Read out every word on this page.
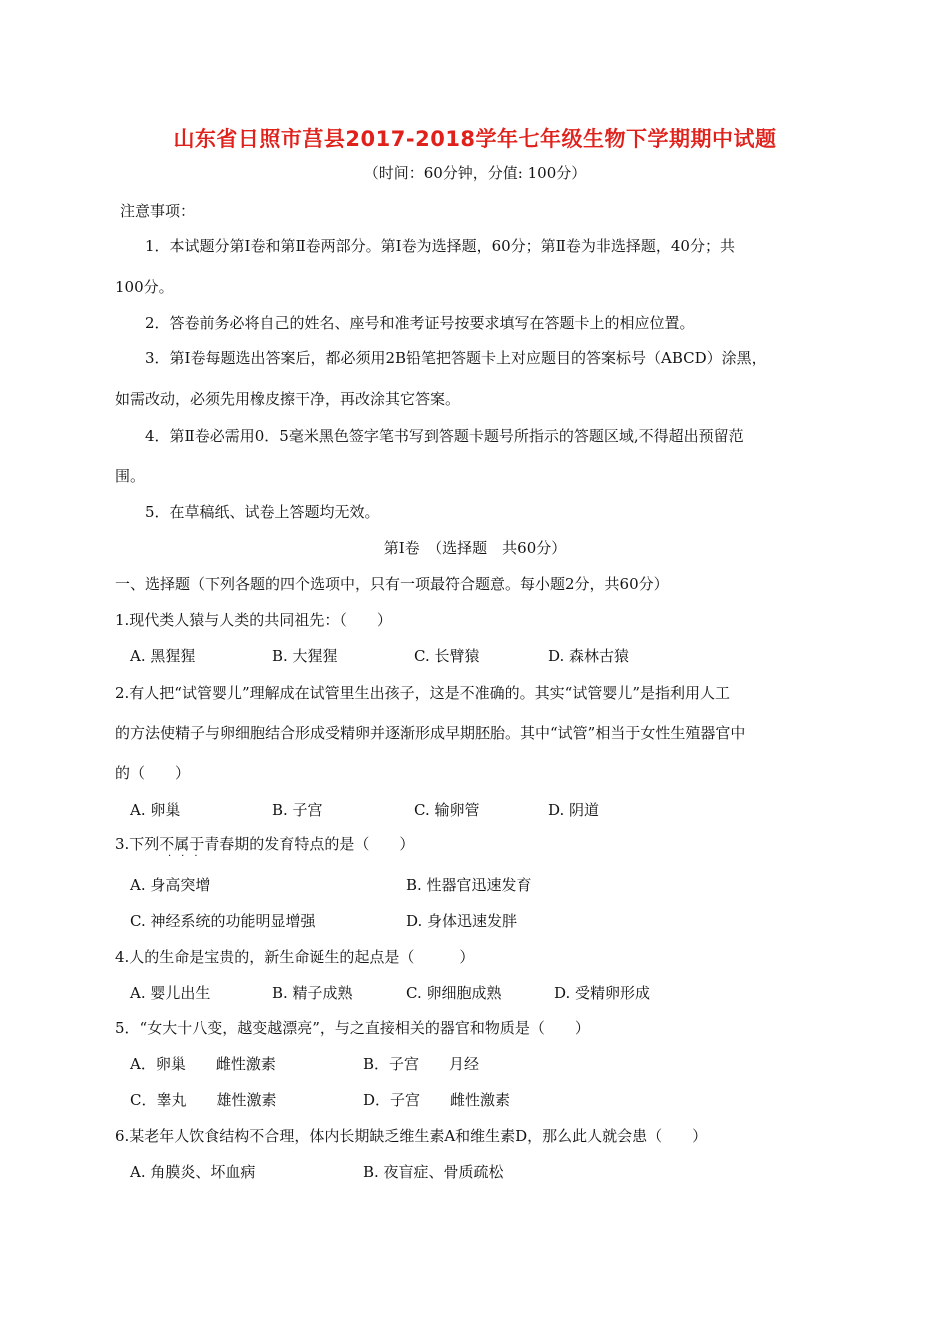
山东省日照市莒县2017-2018学年七年级生物下学期期中试题
（时间：60分钟，分值: 100分）
注意事项：
1．本试题分第Ⅰ卷和第Ⅱ卷两部分。第Ⅰ卷为选择题，60分；第Ⅱ卷为非选择题，40分；共
100分。
2．答卷前务必将自己的姓名、座号和准考证号按要求填写在答题卡上的相应位置。
3．第Ⅰ卷每题选出答案后，都必须用2B铅笔把答题卡上对应题目的答案标号（ABCD）涂黑，
如需改动，必须先用橡皮擦干净，再改涂其它答案。
4．第Ⅱ卷必需用0．5毫米黑色签字笔书写到答题卡题号所指示的答题区域,不得超出预留范
围。
5．在草稿纸、试卷上答题均无效。
第Ⅰ卷　（选择题　共60分）
一、选择题（下列各题的四个选项中，只有一项最符合题意。每小题2分，共60分）
1.现代类人猿与人类的共同祖先：（　　）
A. 黑猩猩	B. 大猩猩	C. 长臂猿	D. 森林古猿
2.有人把“试管婴儿”理解成在试管里生出孩子，这是不准确的。其实“试管婴儿”是指利用人工
的方法使精子与卵细胞结合形成受精卵并逐渐形成早期胚胎。其中“试管”相当于女性生殖器官中
的（　　）
A. 卵巢	B. 子宫	C. 输卵管	D. 阴道
3.下列不属于青春期的发育特点的是（　　）
···
A. 身高突增	B. 性器官迅速发育
C. 神经系统的功能明显增强	D. 身体迅速发胖
4.人的生命是宝贵的，新生命诞生的起点是（　　　）
A. 婴儿出生	B. 精子成熟	C. 卵细胞成熟	D. 受精卵形成
5．“女大十八变，越变越漂亮”，与之直接相关的器官和物质是（　　）
A．卵巢　　雌性激素	B．子宫　　月经
C．睾丸　　雄性激素	D．子宫　　雌性激素
6.某老年人饮食结构不合理，体内长期缺乏维生素A和维生素D，那么此人就会患（　　）
A. 角膜炎、坏血病	B. 夜盲症、骨质疏松
